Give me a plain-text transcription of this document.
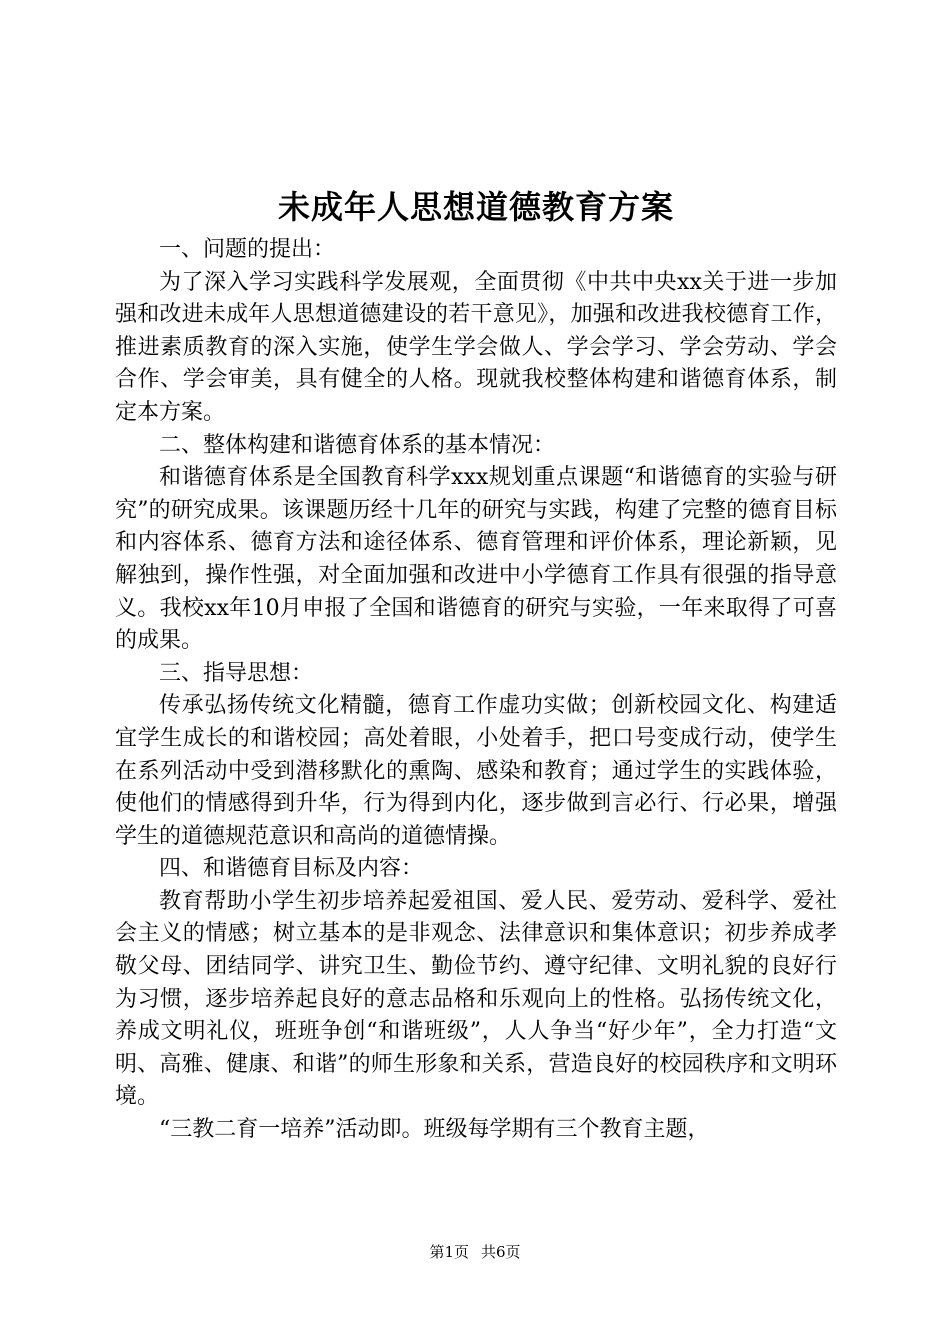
未成年人思想道德教育方案

一、问题的提出：

为了深入学习实践科学发展观，全面贯彻《中共中央xx关于进一步加强和改进未成年人思想道德建设的若干意见》，加强和改进我校德育工作，推进素质教育的深入实施，使学生学会做人、学会学习、学会劳动、学会合作、学会审美，具有健全的人格。现就我校整体构建和谐德育体系，制定本方案。

二、整体构建和谐德育体系的基本情况：

和谐德育体系是全国教育科学xxx规划重点课题“和谐德育的实验与研究”的研究成果。该课题历经十几年的研究与实践，构建了完整的德育目标和内容体系、德育方法和途径体系、德育管理和评价体系，理论新颖，见解独到，操作性强，对全面加强和改进中小学德育工作具有很强的指导意义。我校xx年10月申报了全国和谐德育的研究与实验，一年来取得了可喜的成果。

三、指导思想：

传承弘扬传统文化精髓，德育工作虚功实做；创新校园文化、构建适宜学生成长的和谐校园；高处着眼，小处着手，把口号变成行动，使学生在系列活动中受到潜移默化的熏陶、感染和教育；通过学生的实践体验，使他们的情感得到升华，行为得到内化，逐步做到言必行、行必果，增强学生的道德规范意识和高尚的道德情操。

四、和谐德育目标及内容：

教育帮助小学生初步培养起爱祖国、爱人民、爱劳动、爱科学、爱社会主义的情感；树立基本的是非观念、法律意识和集体意识；初步养成孝敬父母、团结同学、讲究卫生、勤俭节约、遵守纪律、文明礼貌的良好行为习惯，逐步培养起良好的意志品格和乐观向上的性格。弘扬传统文化，养成文明礼仪，班班争创“和谐班级”，人人争当“好少年”，全力打造“文明、高雅、健康、和谐”的师生形象和关系，营造良好的校园秩序和文明环境。

“三教二育一培养”活动即。班级每学期有三个教育主题，

第1页 共6页
